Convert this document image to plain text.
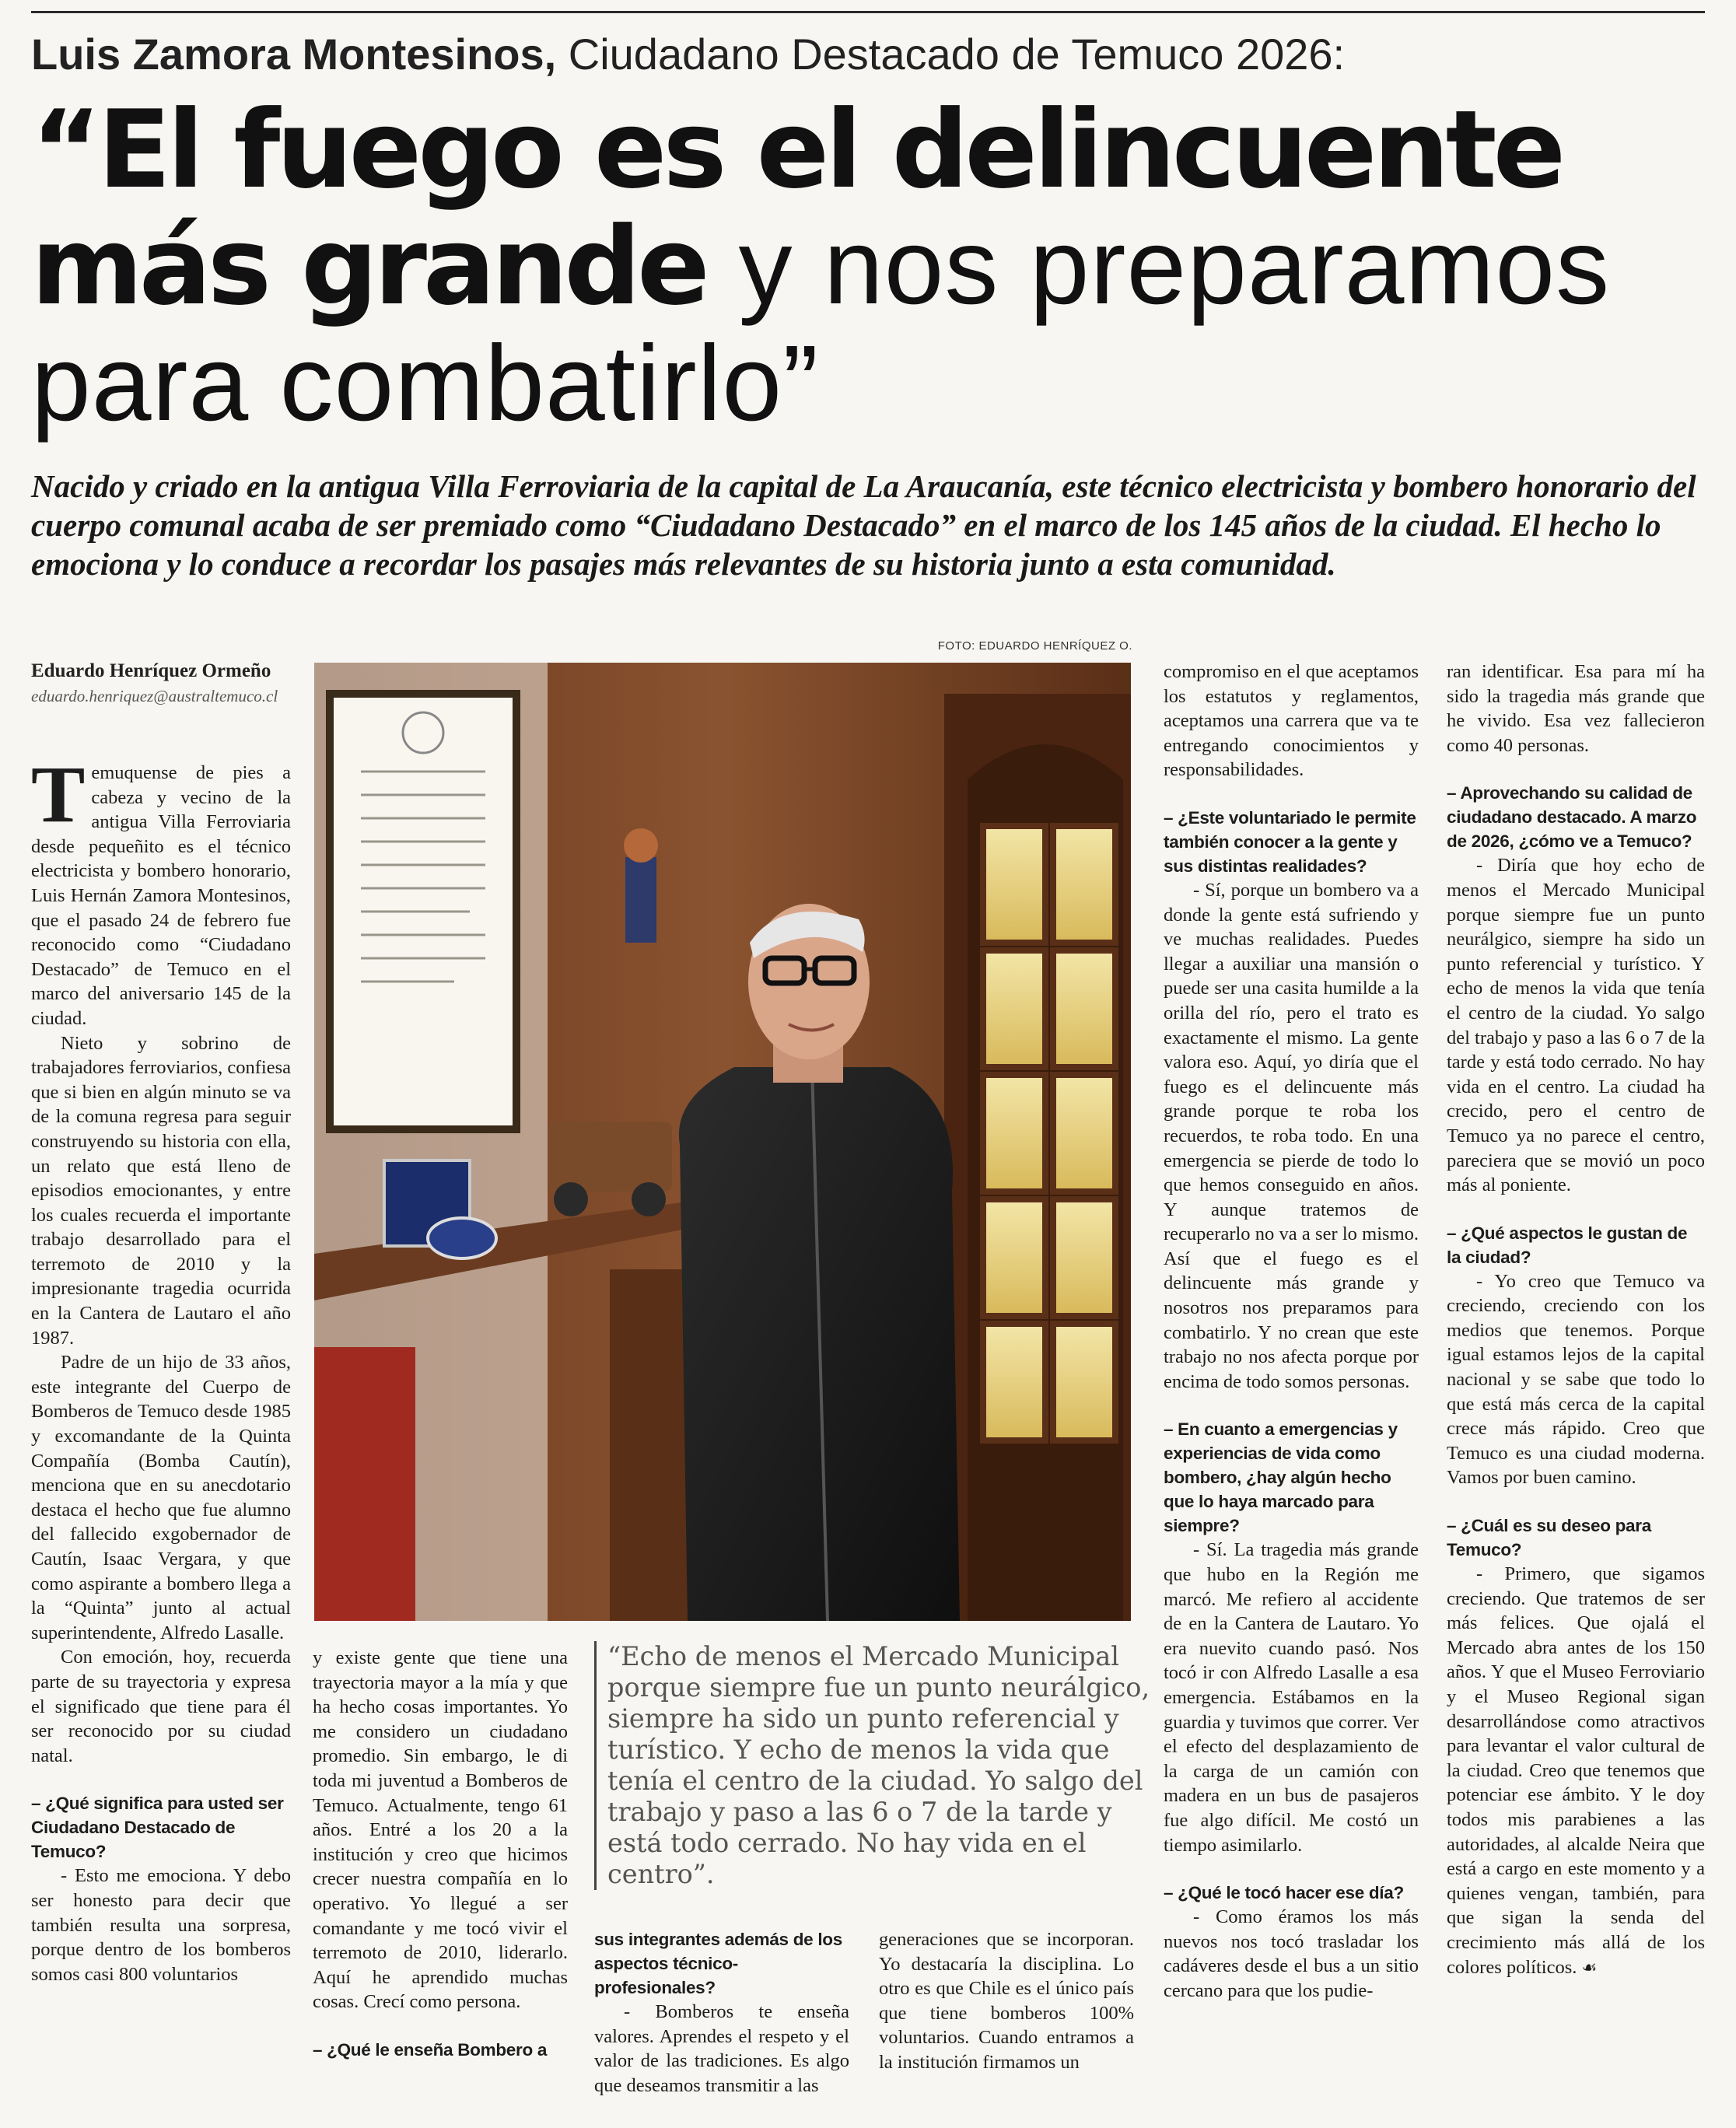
Luis Zamora Montesinos, Ciudadano Destacado de Temuco 2026:
“El fuego es el delincuente
más grande y nos preparamos
para combatirlo”
Nacido y criado en la antigua Villa Ferroviaria de la capital de La Araucanía, este técnico electricista y bombero honorario del cuerpo comunal acaba de ser premiado como “Ciudadano Destacado” en el marco de los 145 años de la ciudad. El hecho lo emociona y lo conduce a recordar los pasajes más relevantes de su historia junto a esta comunidad.
FOTO: EDUARDO HENRÍQUEZ O.
Eduardo Henríquez Ormeño
eduardo.henriquez@australtemuco.cl

Temuquense de pies a cabeza y vecino de la antigua Villa Ferroviaria desde pequeñito es el técnico electricista y bombero honorario, Luis Hernán Zamora Montesinos, que el pasado 24 de febrero fue reconocido como “Ciudadano Destacado” de Temuco en el marco del aniversario 145 de la ciudad.

Nieto y sobrino de trabajadores ferroviarios, confiesa que si bien en algún minuto se va de la comuna regresa para seguir construyendo su historia con ella, un relato que está lleno de episodios emocionantes, y entre los cuales recuerda el importante trabajo desarrollado para el terremoto de 2010 y la impresionante tragedia ocurrida en la Cantera de Lautaro el año 1987.

Padre de un hijo de 33 años, este integrante del Cuerpo de Bomberos de Temuco desde 1985 y excomandante de la Quinta Compañía (Bomba Cautín), menciona que en su anecdotario destaca el hecho que fue alumno del fallecido exgobernador de Cautín, Isaac Vergara, y que como aspirante a bombero llega a la “Quinta” junto al actual superintendente, Alfredo Lasalle.

Con emoción, hoy, recuerda parte de su trayectoria y expresa el significado que tiene para él ser reconocido por su ciudad natal.

– ¿Qué significa para usted ser Ciudadano Destacado de Temuco?

- Esto me emociona. Y debo ser honesto para decir que también resulta una sorpresa, porque dentro de los bomberos somos casi 800 voluntarios

y existe gente que tiene una trayectoria mayor a la mía y que ha hecho cosas importantes. Yo me considero un ciudadano promedio. Sin embargo, le di toda mi juventud a Bomberos de Temuco. Actualmente, tengo 61 años. Entré a los 20 a la institución y creo que hicimos crecer nuestra compañía en lo operativo. Yo llegué a ser comandante y me tocó vivir el terremoto de 2010, liderarlo. Aquí he aprendido muchas cosas. Crecí como persona.

– ¿Qué le enseña Bombero a

“Echo de menos el Mercado Municipal porque siempre fue un punto neurálgico, siempre ha sido un punto referencial y turístico. Y echo de menos la vida que tenía el centro de la ciudad. Yo salgo del trabajo y paso a las 6 o 7 de la tarde y está todo cerrado. No hay vida en el centro”.

sus integrantes además de los aspectos técnico-profesionales?

- Bomberos te enseña valores. Aprendes el respeto y el valor de las tradiciones. Es algo que deseamos transmitir a las

generaciones que se incorporan. Yo destacaría la disciplina. Lo otro es que Chile es el único país que tiene bomberos 100% voluntarios. Cuando entramos a la institución firmamos un

compromiso en el que aceptamos los estatutos y reglamentos, aceptamos una carrera que va te entregando conocimientos y responsabilidades.

– ¿Este voluntariado le permite también conocer a la gente y sus distintas realidades?

- Sí, porque un bombero va a donde la gente está sufriendo y ve muchas realidades. Puedes llegar a auxiliar una mansión o puede ser una casita humilde a la orilla del río, pero el trato es exactamente el mismo. La gente valora eso. Aquí, yo diría que el fuego es el delincuente más grande porque te roba los recuerdos, te roba todo. En una emergencia se pierde de todo lo que hemos conseguido en años. Y aunque tratemos de recuperarlo no va a ser lo mismo. Así que el fuego es el delincuente más grande y nosotros nos preparamos para combatirlo. Y no crean que este trabajo no nos afecta porque por encima de todo somos personas.

– En cuanto a emergencias y experiencias de vida como bombero, ¿hay algún hecho que lo haya marcado para siempre?

- Sí. La tragedia más grande que hubo en la Región me marcó. Me refiero al accidente de en la Cantera de Lautaro. Yo era nuevito cuando pasó. Nos tocó ir con Alfredo Lasalle a esa emergencia. Estábamos en la guardia y tuvimos que correr. Ver el efecto del desplazamiento de la carga de un camión con madera en un bus de pasajeros fue algo difícil. Me costó un tiempo asimilarlo.

– ¿Qué le tocó hacer ese día?

- Como éramos los más nuevos nos tocó trasladar los cadáveres desde el bus a un sitio cercano para que los pudie-

ran identificar. Esa para mí ha sido la tragedia más grande que he vivido. Esa vez fallecieron como 40 personas.

– Aprovechando su calidad de ciudadano destacado. A marzo de 2026, ¿cómo ve a Temuco?

- Diría que hoy echo de menos el Mercado Municipal porque siempre fue un punto neurálgico, siempre ha sido un punto referencial y turístico. Y echo de menos la vida que tenía el centro de la ciudad. Yo salgo del trabajo y paso a las 6 o 7 de la tarde y está todo cerrado. No hay vida en el centro. La ciudad ha crecido, pero el centro de Temuco ya no parece el centro, pareciera que se movió un poco más al poniente.

– ¿Qué aspectos le gustan de la ciudad?

- Yo creo que Temuco va creciendo, creciendo con los medios que tenemos. Porque igual estamos lejos de la capital nacional y se sabe que todo lo que está más cerca de la capital crece más rápido. Creo que Temuco es una ciudad moderna. Vamos por buen camino.

– ¿Cuál es su deseo para Temuco?

- Primero, que sigamos creciendo. Que tratemos de ser más felices. Que ojalá el Mercado abra antes de los 150 años. Y que el Museo Ferroviario y el Museo Regional sigan desarrollándose como atractivos para levantar el valor cultural de la ciudad. Creo que tenemos que potenciar ese ámbito. Y le doy todos mis parabienes a las autoridades, al alcalde Neira que está a cargo en este momento y a quienes vengan, también, para que sigan la senda del crecimiento más allá de los colores políticos. ☙
